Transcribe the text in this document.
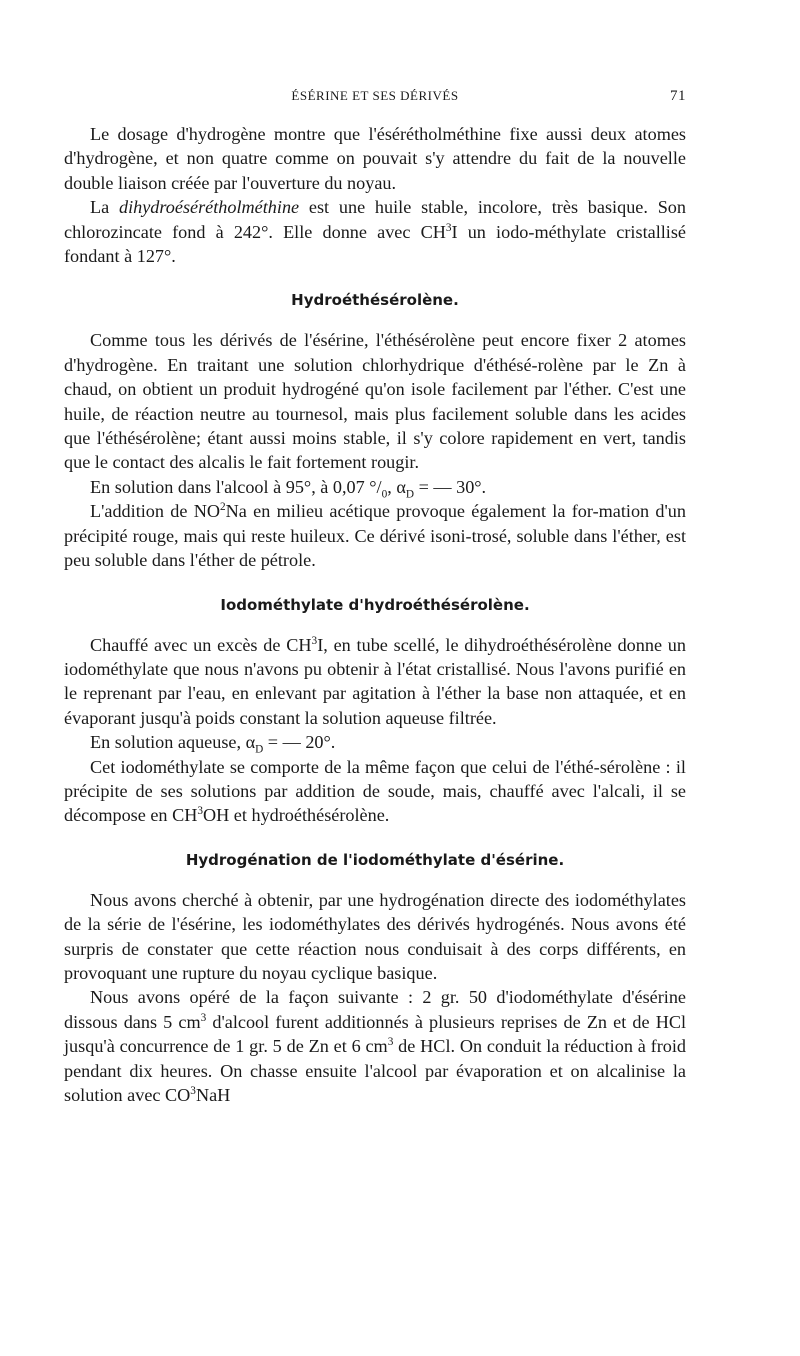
ÉSÉRINE ET SES DÉRIVÉS	71

Le dosage d'hydrogène montre que l'ésérétholméthine fixe aussi deux atomes d'hydrogène, et non quatre comme on pouvait s'y attendre du fait de la nouvelle double liaison créée par l'ouverture du noyau.

La dihydroésérétholméthine est une huile stable, incolore, très basique. Son chlorozincate fond à 242°. Elle donne avec $CH^3I$ un iodo-méthylate cristallisé fondant à 127°.

Hydroéthésérolène.

Comme tous les dérivés de l'ésérine, l'éthésérolène peut encore fixer 2 atomes d'hydrogène. En traitant une solution chlorhydrique d'éthésé-rolène par le Zn à chaud, on obtient un produit hydrogéné qu'on isole facilement par l'éther. C'est une huile, de réaction neutre au tournesol, mais plus facilement soluble dans les acides que l'éthésérolène; étant aussi moins stable, il s'y colore rapidement en vert, tandis que le contact des alcalis le fait fortement rougir.

En solution dans l'alcool à 95°, à 0,07 $^\circ/_0$, $\alpha_D$ = — 30°.

L'addition de $NO^2Na$ en milieu acétique provoque également la for-mation d'un précipité rouge, mais qui reste huileux. Ce dérivé isoni-trosé, soluble dans l'éther, est peu soluble dans l'éther de pétrole.

Iodométhylate d'hydroéthésérolène.

Chauffé avec un excès de $CH^3I$, en tube scellé, le dihydroéthésérolène donne un iodométhylate que nous n'avons pu obtenir à l'état cristallisé. Nous l'avons purifié en le reprenant par l'eau, en enlevant par agitation à l'éther la base non attaquée, et en évaporant jusqu'à poids constant la solution aqueuse filtrée.

En solution aqueuse, $\alpha_D$ = — 20°.

Cet iodométhylate se comporte de la même façon que celui de l'éthé-sérolène : il précipite de ses solutions par addition de soude, mais, chauffé avec l'alcali, il se décompose en $CH^3OH$ et hydroéthésérolène.

Hydrogénation de l'iodométhylate d'ésérine.

Nous avons cherché à obtenir, par une hydrogénation directe des iodométhylates de la série de l'ésérine, les iodométhylates des dérivés hydrogénés. Nous avons été surpris de constater que cette réaction nous conduisait à des corps différents, en provoquant une rupture du noyau cyclique basique.

Nous avons opéré de la façon suivante : 2 gr. 50 d'iodométhylate d'ésérine dissous dans 5 $cm^3$ d'alcool furent additionnés à plusieurs reprises de Zn et de HCl jusqu'à concurrence de 1 gr. 5 de Zn et 6 $cm^3$ de HCl. On conduit la réduction à froid pendant dix heures. On chasse ensuite l'alcool par évaporation et on alcalinise la solution avec $CO^3NaH$
